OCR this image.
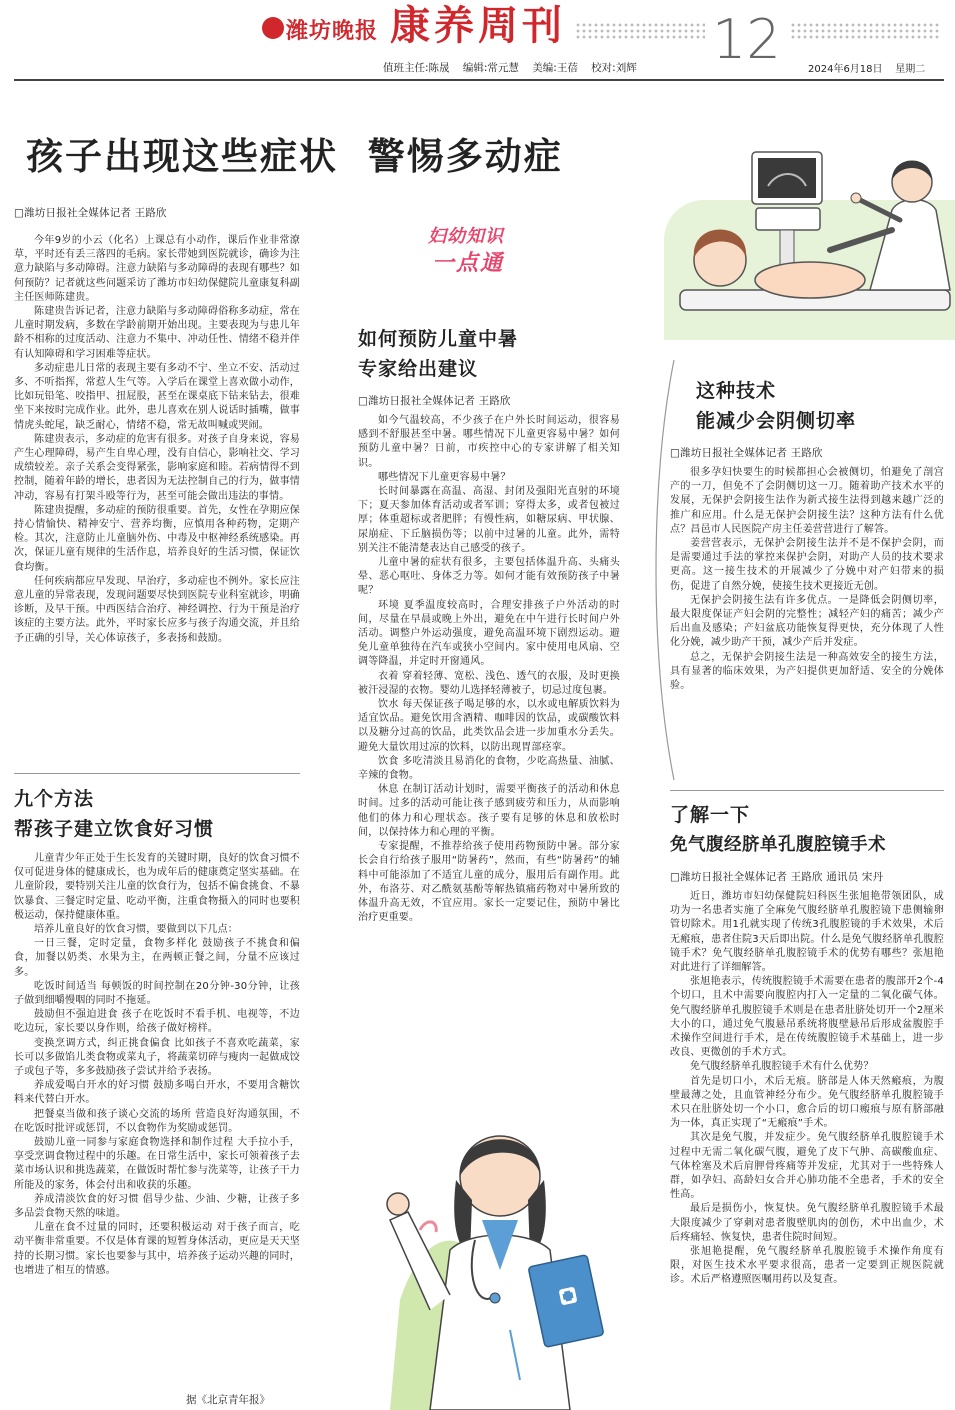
潍坊晚报 康养周刊	12
值班主任:陈晟    编辑:常元慧    美编:王蓓    校对:刘辉	2024年6月18日    星期二
孩子出现这些症状  警惕多动症

□潍坊日报社全媒体记者 王路欣

今年9岁的小云（化名）上课总有小动作，课后作业非常潦草，平时还有丢三落四的毛病。家长带她到医院就诊，确诊为注意力缺陷与多动障碍。注意力缺陷与多动障碍的表现有哪些？如何预防？记者就这些问题采访了潍坊市妇幼保健院儿童康复科副主任医师陈建贵。

陈建贵告诉记者，注意力缺陷与多动障碍俗称多动症，常在儿童时期发病，多数在学龄前期开始出现。主要表现为与患儿年龄不相称的过度活动、注意力不集中、冲动任性、情绪不稳并伴有认知障碍和学习困难等症状。

多动症患儿日常的表现主要有多动不宁、坐立不安、活动过多、不听指挥，常惹人生气等。入学后在课堂上喜欢做小动作，比如玩铅笔、咬指甲、扭屁股，甚至在课桌底下钻来钻去，很难坐下来按时完成作业。此外，患儿喜欢在别人说话时插嘴，做事情虎头蛇尾，缺乏耐心，情绪不稳，常无故叫喊或哭闹。

陈建贵表示，多动症的危害有很多。对孩子自身来说，容易产生心理障碍，易产生自卑心理，没有自信心，影响社交、学习成绩较差。亲子关系会变得紧张，影响家庭和睦。若病情得不到控制，随着年龄的增长，患者因为无法控制自己的行为，做事情冲动，容易有打架斗殴等行为，甚至可能会做出违法的事情。

陈建贵提醒，多动症的预防很重要。首先，女性在孕期应保持心情愉快、精神安宁、营养均衡，应慎用各种药物，定期产检。其次，注意防止儿童脑外伤、中毒及中枢神经系统感染。再次，保证儿童有规律的生活作息，培养良好的生活习惯，保证饮食均衡。

任何疾病都应早发现、早治疗，多动症也不例外。家长应注意儿童的异常表现，发现问题要尽快到医院专业科室就诊，明确诊断，及早干预。中西医结合治疗、神经调控、行为干预是治疗该症的主要方法。此外，平时家长应多与孩子沟通交流，并且给予正确的引导，关心体谅孩子，多表扬和鼓励。

九个方法
帮孩子建立饮食好习惯

儿童青少年正处于生长发育的关键时期，良好的饮食习惯不仅可促进身体的健康成长，也为成年后的健康奠定坚实基础。在儿童阶段，要特别关注儿童的饮食行为，包括不偏食挑食、不暴饮暴食、三餐定时定量、吃动平衡，注重食物摄入的同时也要积极运动，保持健康体重。

培养儿童良好的饮食习惯，要做到以下几点：

一日三餐，定时定量，食物多样化 鼓励孩子不挑食和偏食，加餐以奶类、水果为主，在两顿正餐之间，分量不应该过多。

吃饭时间适当 每顿饭的时间控制在20分钟-30分钟，让孩子做到细嚼慢咽的同时不拖延。

鼓励但不强迫进食 孩子在吃饭时不看手机、电视等，不边吃边玩，家长要以身作则，给孩子做好榜样。

变换烹调方式，纠正挑食偏食 比如孩子不喜欢吃蔬菜，家长可以多做馅儿类食物或菜丸子，将蔬菜切碎与瘦肉一起做成饺子或包子等，多多鼓励孩子尝试并给予表扬。

养成爱喝白开水的好习惯 鼓励多喝白开水，不要用含糖饮料来代替白开水。

把餐桌当做和孩子谈心交流的场所 营造良好沟通氛围，不在吃饭时批评或惩罚，不以食物作为奖励或惩罚。

鼓励儿童一同参与家庭食物选择和制作过程 大手拉小手，享受烹调食物过程中的乐趣。在日常生活中，家长可领着孩子去菜市场认识和挑选蔬菜，在做饭时帮忙参与洗菜等，让孩子干力所能及的家务，体会付出和收获的乐趣。

养成清淡饮食的好习惯 倡导少盐、少油、少糖，让孩子多多品尝食物天然的味道。

儿童在食不过量的同时，还要积极运动 对于孩子而言，吃动平衡非常重要。不仅是体育课的短暂身体活动，更应是天天坚持的长期习惯。家长也要参与其中，培养孩子运动兴趣的同时，也增进了相互的情感。

据《北京青年报》
妇幼知识
一点通
如何预防儿童中暑
专家给出建议

□潍坊日报社全媒体记者 王路欣

如今气温较高，不少孩子在户外长时间运动，很容易感到不舒服甚至中暑。哪些情况下儿童更容易中暑？如何预防儿童中暑？日前，市疾控中心的专家讲解了相关知识。

哪些情况下儿童更容易中暑？

长时间暴露在高温、高湿、封闭及强阳光直射的环境下；夏天参加体育活动或者军训；穿得太多，或者包被过厚；体重超标或者肥胖；有慢性病，如糖尿病、甲状腺、尿崩症、下丘脑损伤等；以前中过暑的儿童。此外，需特别关注不能清楚表达自己感受的孩子。

儿童中暑的症状有很多，主要包括体温升高、头痛头晕、恶心呕吐、身体乏力等。如何才能有效预防孩子中暑呢？

环境 夏季温度较高时，合理安排孩子户外活动的时间，尽量在早晨或晚上外出，避免在中午进行长时间户外活动。调整户外运动强度，避免高温环境下剧烈运动。避免儿童单独待在汽车或狭小空间内。家中使用电风扇、空调等降温，并定时开窗通风。

衣着 穿着轻薄、宽松、浅色、透气的衣服，及时更换被汗浸湿的衣物。婴幼儿选择轻薄被子，切忌过度包裹。

饮水 每天保证孩子喝足够的水，以水或电解质饮料为适宜饮品。避免饮用含酒精、咖啡因的饮品，或碳酸饮料以及糖分过高的饮品，此类饮品会进一步加重水分丢失。避免大量饮用过凉的饮料，以防出现胃部痉挛。

饮食 多吃清淡且易消化的食物，少吃高热量、油腻、辛辣的食物。

休息 在制订活动计划时，需要平衡孩子的活动和休息时间。过多的活动可能让孩子感到疲劳和压力，从而影响他们的体力和心理状态。孩子要有足够的休息和放松时间，以保持体力和心理的平衡。

专家提醒，不推荐给孩子使用药物预防中暑。部分家长会自行给孩子服用“防暑药”，然而，有些“防暑药”的辅料中可能添加了不适宜儿童的成分，服用后有副作用。此外，布洛芬、对乙酰氨基酚等解热镇痛药物对中暑所致的体温升高无效，不宜应用。家长一定要记住，预防中暑比治疗更重要。

这种技术
能减少会阴侧切率

□潍坊日报社全媒体记者 王路欣

很多孕妇快要生的时候都担心会被侧切，怕避免了剖宫产的一刀，但免不了会阴侧切这一刀。随着助产技术水平的发展，无保护会阴接生法作为新式接生法得到越来越广泛的推广和应用。什么是无保护会阴接生法？这种方法有什么优点？昌邑市人民医院产房主任姜营营进行了解答。

姜营营表示，无保护会阴接生法并不是不保护会阴，而是需要通过手法的掌控来保护会阴，对助产人员的技术要求更高。这一接生技术的开展减少了分娩中对产妇带来的损伤，促进了自然分娩，使接生技术更接近无创。

无保护会阴接生法有许多优点。一是降低会阴侧切率，最大限度保证产妇会阴的完整性；减轻产妇的痛苦；减少产后出血及感染；产妇盆底功能恢复得更快，充分体现了人性化分娩，减少助产干预，减少产后并发症。

总之，无保护会阴接生法是一种高效安全的接生方法，具有显著的临床效果，为产妇提供更加舒适、安全的分娩体验。

了解一下
免气腹经脐单孔腹腔镜手术

□潍坊日报社全媒体记者 王路欣 通讯员 宋丹

近日，潍坊市妇幼保健院妇科医生张旭艳带领团队，成功为一名患者实施了全麻免气腹经脐单孔腹腔镜下患侧输卵管切除术。用1孔就实现了传统3孔腹腔镜的手术效果，术后无瘢痕，患者住院3天后即出院。什么是免气腹经脐单孔腹腔镜手术？免气腹经脐单孔腹腔镜手术的优势有哪些？张旭艳对此进行了详细解答。

张旭艳表示，传统腹腔镜手术需要在患者的腹部开2个-4个切口，且术中需要向腹腔内打入一定量的二氧化碳气体。免气腹经脐单孔腹腔镜手术则是在患者肚脐处切开一个2厘米大小的口，通过免气腹悬吊系统将腹壁悬吊后形成盆腹腔手术操作空间进行手术，是在传统腹腔镜手术基础上，进一步改良、更微创的手术方式。

免气腹经脐单孔腹腔镜手术有什么优势？

首先是切口小，术后无痕。脐部是人体天然瘢痕，为腹壁最薄之处，且血管神经分布少。免气腹经脐单孔腹腔镜手术只在肚脐处切一个小口，愈合后的切口瘢痕与原有脐部融为一体，真正实现了“无瘢痕”手术。

其次是免气腹，并发症少。免气腹经脐单孔腹腔镜手术过程中无需二氧化碳气腹，避免了皮下气肿、高碳酸血症、气体栓塞及术后肩胛骨疼痛等并发症，尤其对于一些特殊人群，如孕妇、高龄妇女合并心肺功能不全患者，手术的安全性高。

最后是损伤小，恢复快。免气腹经脐单孔腹腔镜手术最大限度减少了穿刺对患者腹壁肌肉的创伤，术中出血少，术后疼痛轻、恢复快，患者住院时间短。

张旭艳提醒，免气腹经脐单孔腹腔镜手术操作角度有限，对医生技术水平要求很高，患者一定要到正规医院就诊。术后严格遵照医嘱用药以及复查。
